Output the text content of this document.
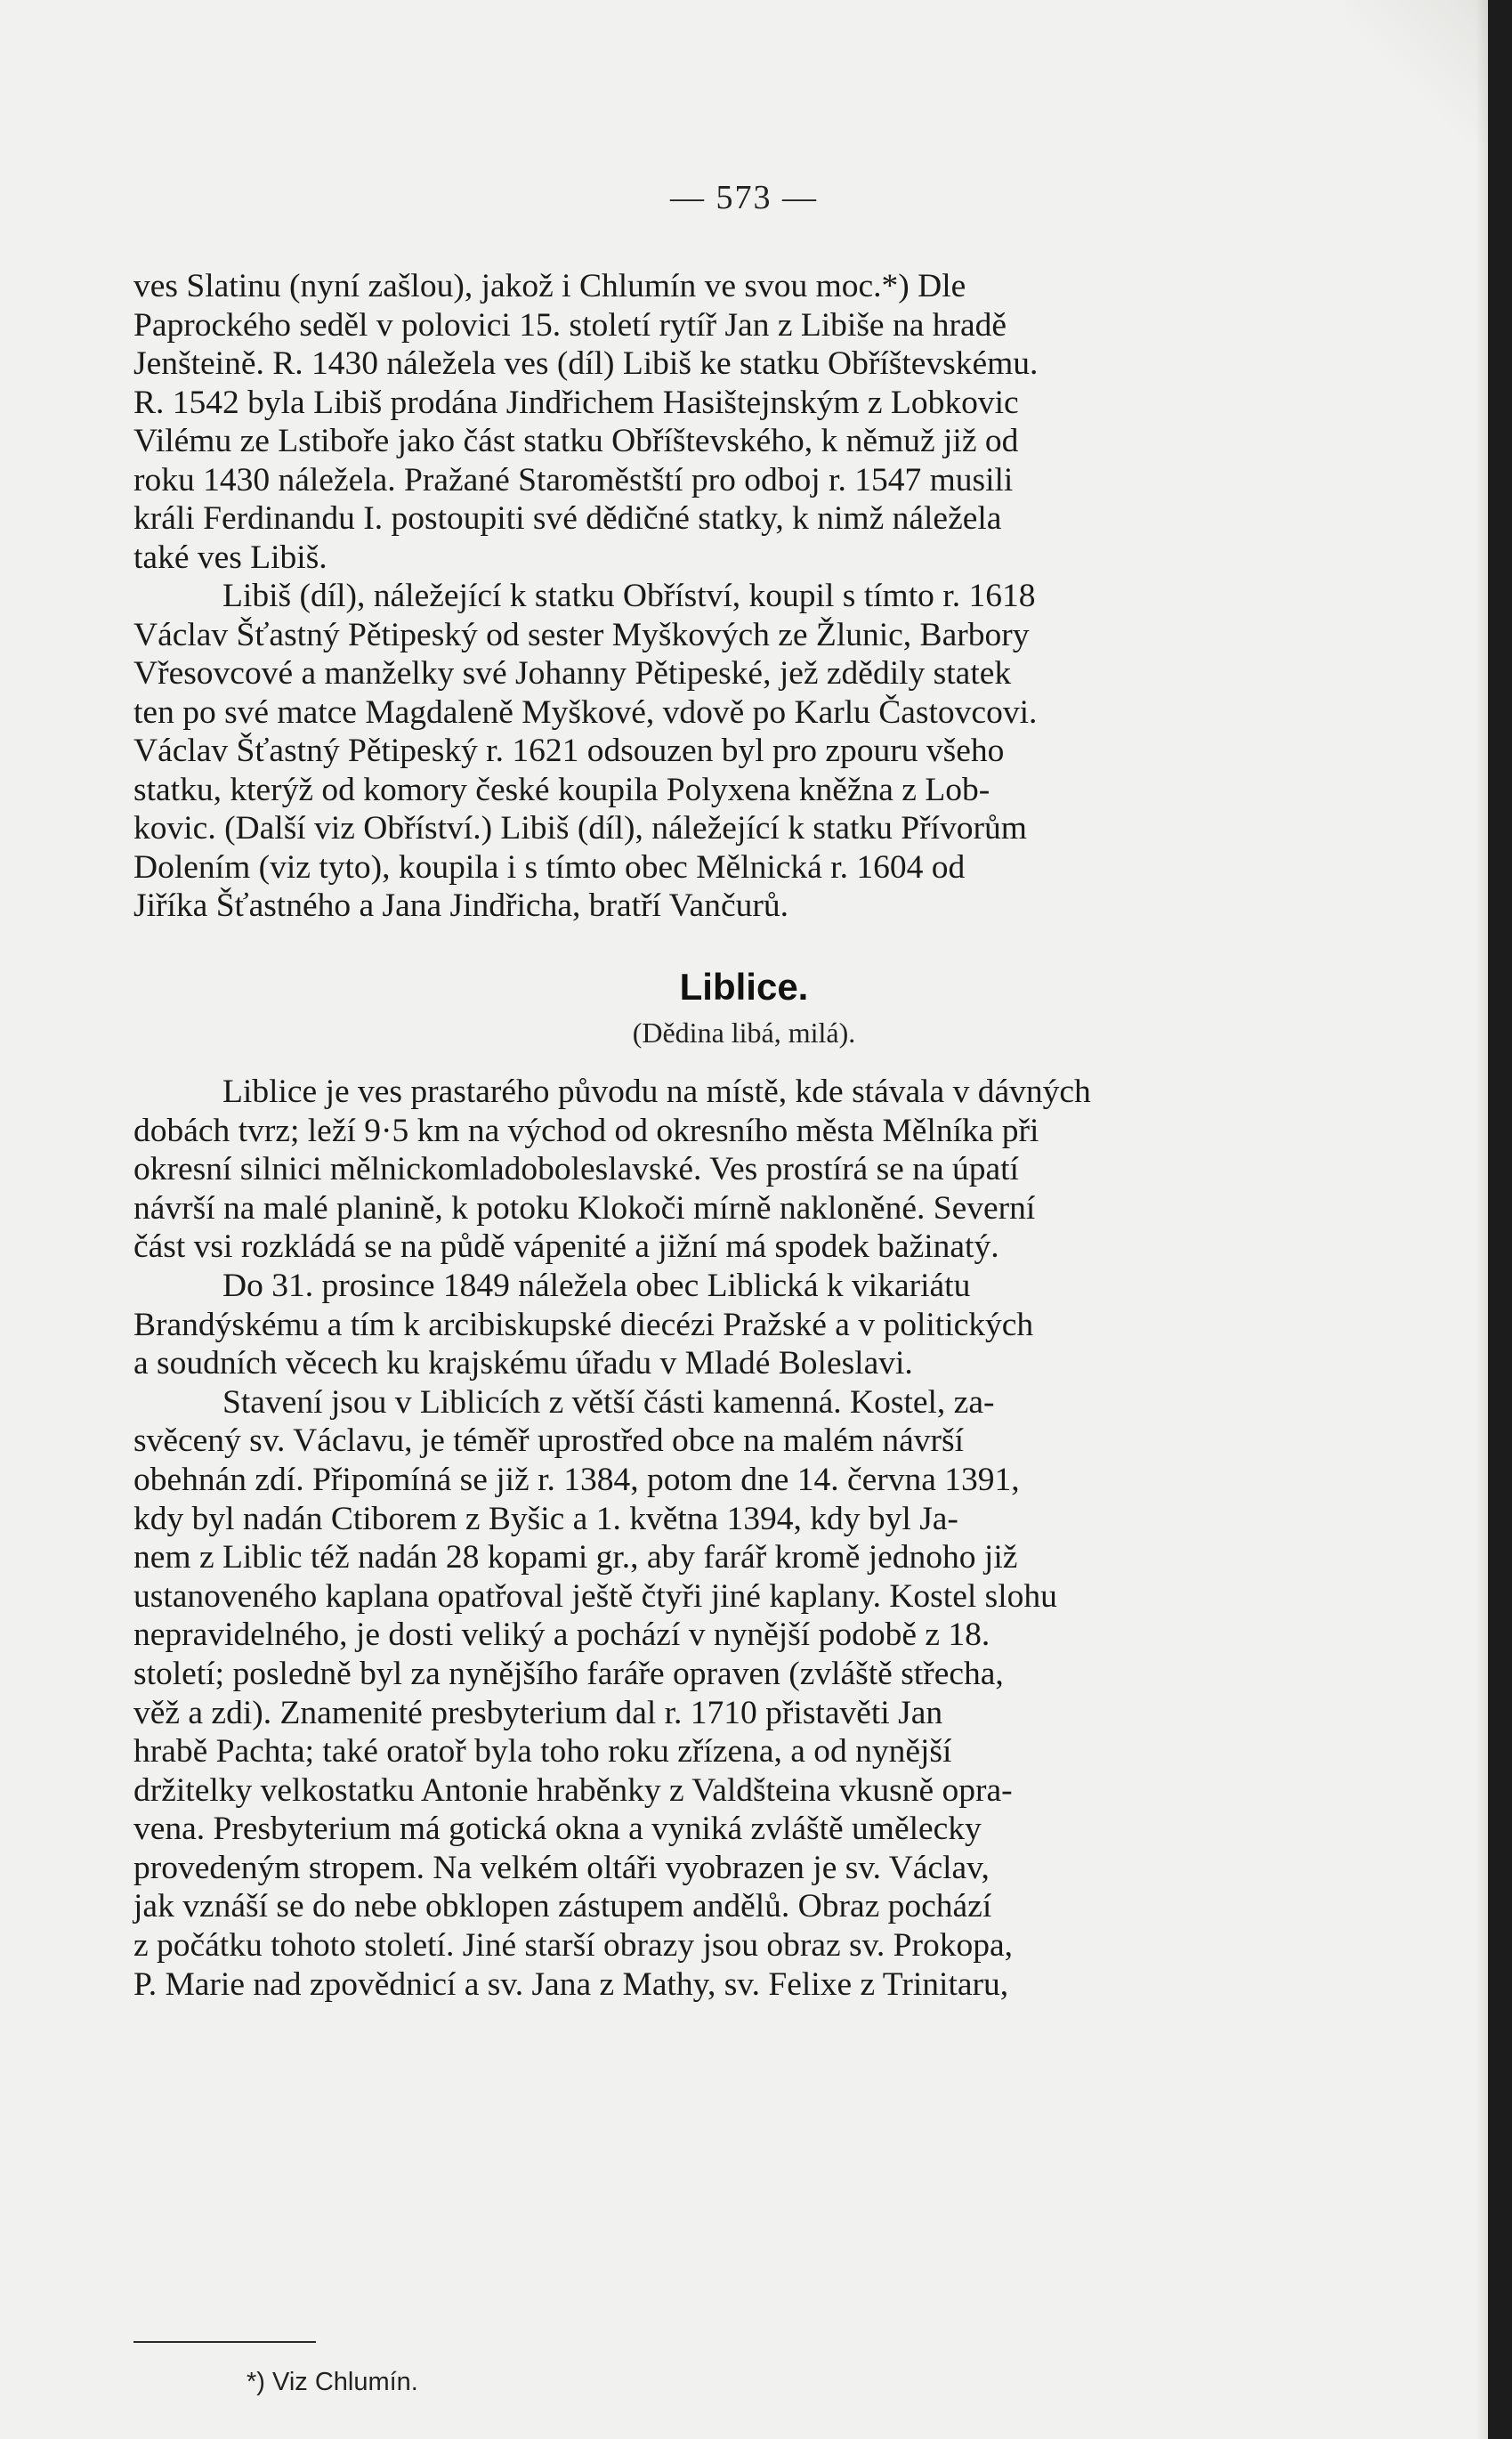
— 573 —
ves Slatinu (nyní zašlou), jakož i Chlumín ve svou moc.*) Dle
Paprockého seděl v polovici 15. století rytíř Jan z Libiše na hradě
Jenšteině. R. 1430 náležela ves (díl) Libiš ke statku Obříštevskému.
R. 1542 byla Libiš prodána Jindřichem Hasištejnským z Lobkovic
Vilému ze Lstiboře jako část statku Obříštevského, k němuž již od
roku 1430 náležela. Pražané Staroměstští pro odboj r. 1547 musili
králi Ferdinandu I. postoupiti své dědičné statky, k nimž náležela
také ves Libiš.
Libiš (díl), náležející k statku Obříství, koupil s tímto r. 1618
Václav Šťastný Pětipeský od sester Myškových ze Žlunic, Barbory
Vřesovcové a manželky své Johanny Pětipeské, jež zdědily statek
ten po své matce Magdaleně Myškové, vdově po Karlu Častovcovi.
Václav Šťastný Pětipeský r. 1621 odsouzen byl pro zpouru všeho
statku, kterýž od komory české koupila Polyxena kněžna z Lob-
kovic. (Další viz Obříství.) Libiš (díl), náležející k statku Přívorům
Dolením (viz tyto), koupila i s tímto obec Mělnická r. 1604 od
Jiříka Šťastného a Jana Jindřicha, bratří Vančurů.
Liblice.
(Dědina libá, milá).
Liblice je ves prastarého původu na místě, kde stávala v dávných
dobách tvrz; leží 9·5 km na východ od okresního města Mělníka při
okresní silnici mělnickomladoboleslavské. Ves prostírá se na úpatí
návrší na malé planině, k potoku Klokoči mírně nakloněné. Severní
část vsi rozkládá se na půdě vápenité a jižní má spodek bažinatý.
Do 31. prosince 1849 náležela obec Liblická k vikariátu
Brandýskému a tím k arcibiskupské diecézi Pražské a v politických
a soudních věcech ku krajskému úřadu v Mladé Boleslavi.
Stavení jsou v Liblicích z větší části kamenná. Kostel, za-
svěcený sv. Václavu, je téměř uprostřed obce na malém návrší
obehnán zdí. Připomíná se již r. 1384, potom dne 14. června 1391,
kdy byl nadán Ctiborem z Byšic a 1. května 1394, kdy byl Ja-
nem z Liblic též nadán 28 kopami gr., aby farář kromě jednoho již
ustanoveného kaplana opatřoval ještě čtyři jiné kaplany. Kostel slohu
nepravidelného, je dosti veliký a pochází v nynější podobě z 18.
století; posledně byl za nynějšího faráře opraven (zvláště střecha,
věž a zdi). Znamenité presbyterium dal r. 1710 přistavěti Jan
hrabě Pachta; také oratoř byla toho roku zřízena, a od nynější
držitelky velkostatku Antonie hraběnky z Valdšteina vkusně opra-
vena. Presbyterium má gotická okna a vyniká zvláště umělecky
provedeným stropem. Na velkém oltáři vyobrazen je sv. Václav,
jak vznáší se do nebe obklopen zástupem andělů. Obraz pochází
z počátku tohoto století. Jiné starší obrazy jsou obraz sv. Prokopa,
P. Marie nad zpovědnicí a sv. Jana z Mathy, sv. Felixe z Trinitaru,
*) Viz Chlumín.
